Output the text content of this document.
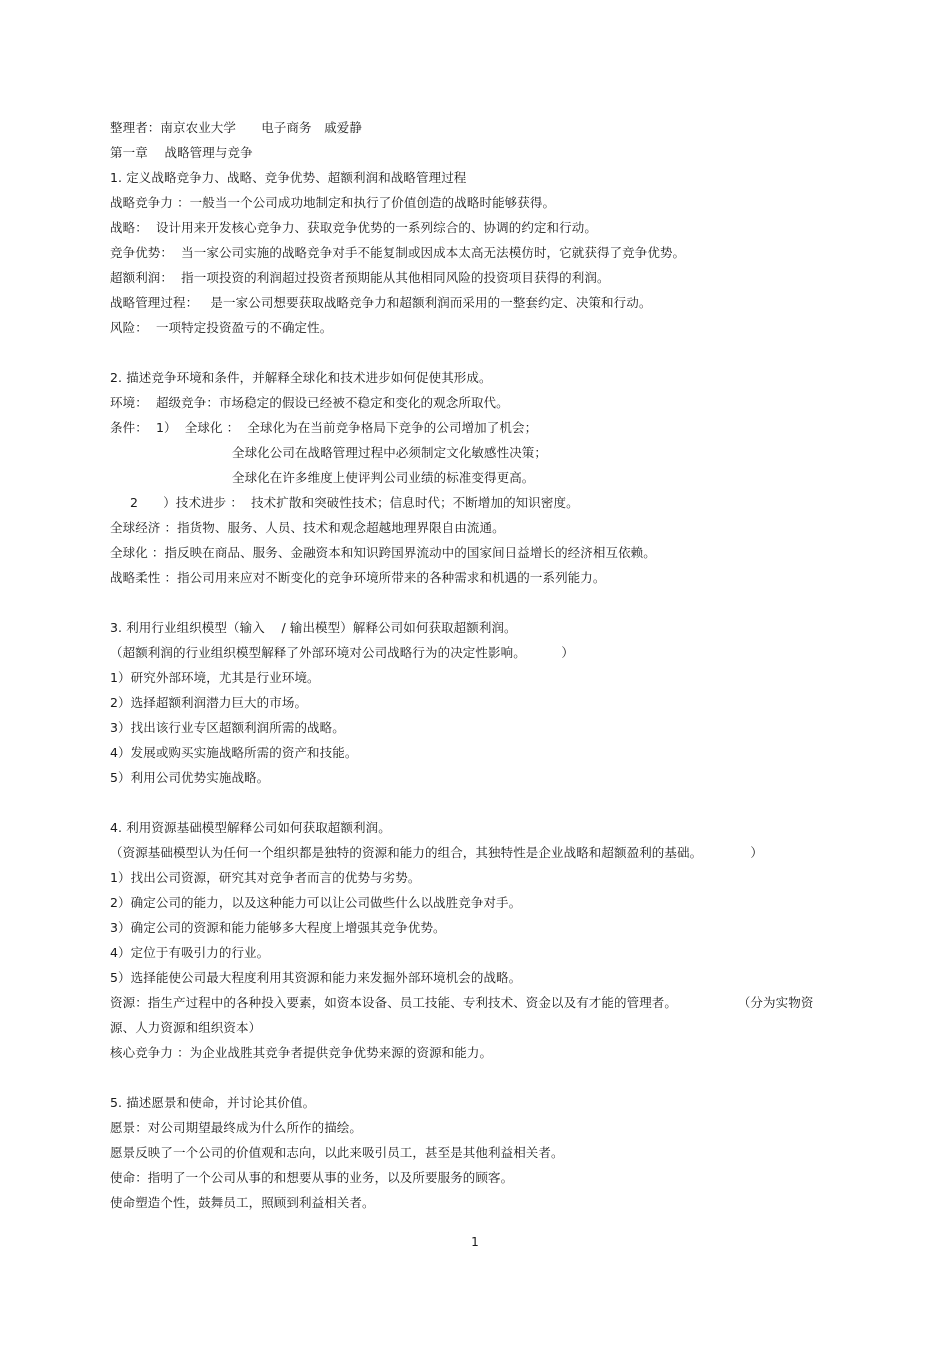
整理者：南京农业大学　　电子商务　戚爱静
第一章　 战略管理与竞争
1. 定义战略竞争力、战略、竞争优势、超额利润和战略管理过程
战略竞争力 ：一般当一个公司成功地制定和执行了价值创造的战略时能够获得。
战略：  设计用来开发核心竞争力、获取竞争优势的一系列综合的、协调的约定和行动。
竞争优势：  当一家公司实施的战略竞争对手不能复制或因成本太高无法模仿时，它就获得了竞争优势。
超额利润：  指一项投资的利润超过投资者预期能从其他相同风险的投资项目获得的利润。
战略管理过程：   是一家公司想要获取战略竞争力和超额利润而采用的一整套约定、决策和行动。
风险：  一项特定投资盈亏的不确定性。
2. 描述竞争环境和条件，并解释全球化和技术进步如何促使其形成。
环境：  超级竞争：市场稳定的假设已经被不稳定和变化的观念所取代。
条件：  1）  全球化 ：  全球化为在当前竞争格局下竞争的公司增加了机会；
全球化公司在战略管理过程中必须制定文化敏感性决策；
全球化在许多维度上使评判公司业绩的标准变得更高。
2　　）技术进步 ：  技术扩散和突破性技术；信息时代；不断增加的知识密度。
全球经济 ：指货物、服务、人员、技术和观念超越地理界限自由流通。
全球化 ：指反映在商品、服务、金融资本和知识跨国界流动中的国家间日益增长的经济相互依赖。
战略柔性 ：指公司用来应对不断变化的竞争环境所带来的各种需求和机遇的一系列能力。
3. 利用行业组织模型（输入　 / 输出模型）解释公司如何获取超额利润。
（超额利润的行业组织模型解释了外部环境对公司战略行为的决定性影响。　　　 ）
1）研究外部环境，尤其是行业环境。
2）选择超额利润潜力巨大的市场。
3）找出该行业专区超额利润所需的战略。
4）发展或购买实施战略所需的资产和技能。
5）利用公司优势实施战略。
4. 利用资源基础模型解释公司如何获取超额利润。
（资源基础模型认为任何一个组织都是独特的资源和能力的组合，其独特性是企业战略和超额盈利的基础。　　　　 ）
1）找出公司资源，研究其对竞争者而言的优势与劣势。
2）确定公司的能力，以及这种能力可以让公司做些什么以战胜竞争对手。
3）确定公司的资源和能力能够多大程度上增强其竞争优势。
4）定位于有吸引力的行业。
5）选择能使公司最大程度利用其资源和能力来发掘外部环境机会的战略。
资源：指生产过程中的各种投入要素，如资本设备、员工技能、专利技术、资金以及有才能的管理者。　　　　　 （分为实物资
源、人力资源和组织资本）
核心竞争力 ：为企业战胜其竞争者提供竞争优势来源的资源和能力。
5. 描述愿景和使命，并讨论其价值。
愿景：对公司期望最终成为什么所作的描绘。
愿景反映了一个公司的价值观和志向，以此来吸引员工，甚至是其他利益相关者。
使命：指明了一个公司从事的和想要从事的业务，以及所要服务的顾客。
使命塑造个性，鼓舞员工，照顾到利益相关者。
1
